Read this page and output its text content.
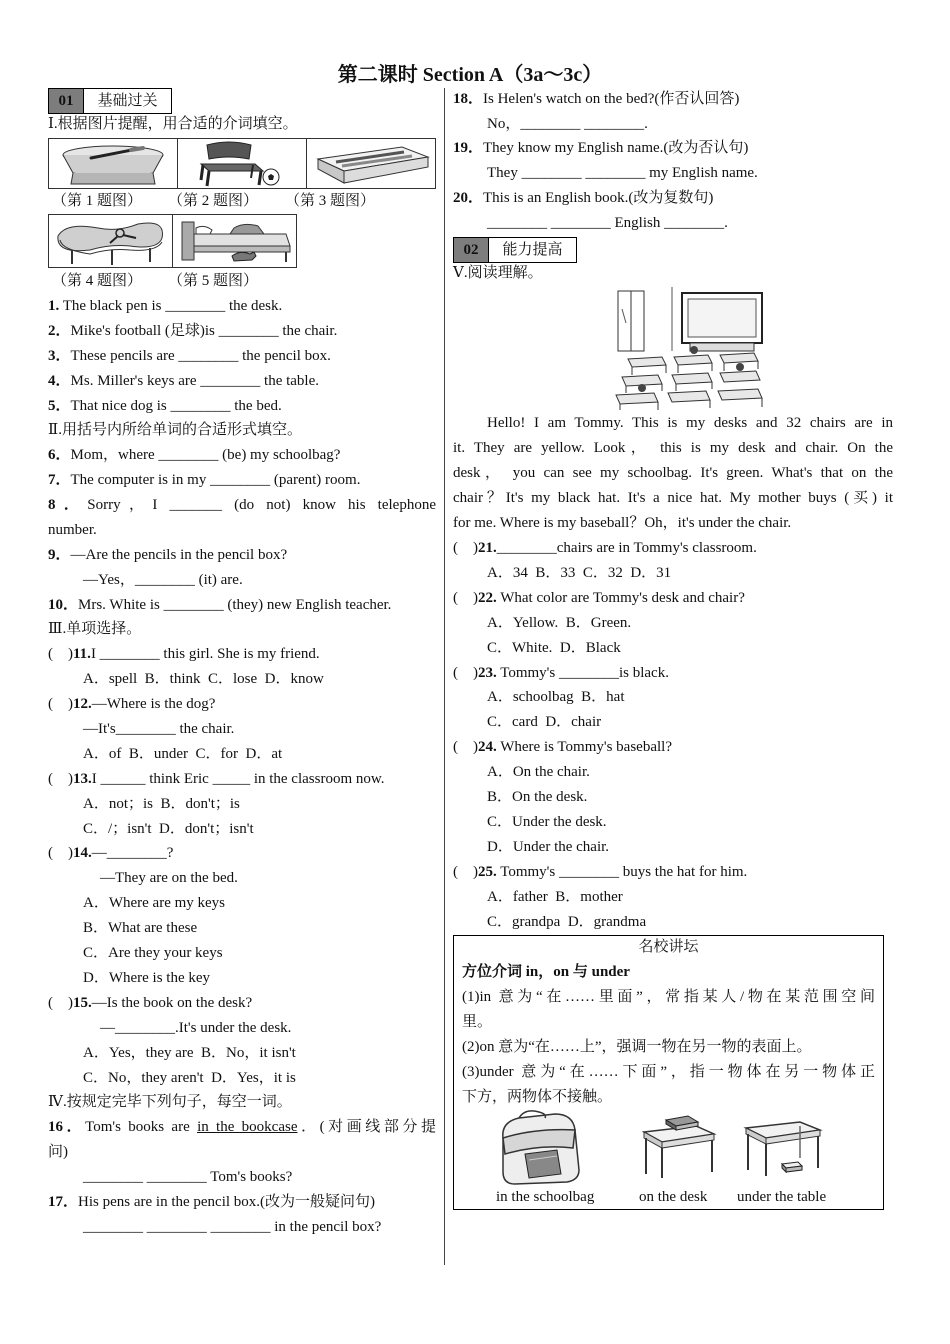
第二课时 Section A（3a～3c）
01	基础过关
Ⅰ.根据图片提醒，用合适的介词填空。
（第 1 题图） （第 2 题图） （第 3 题图）
（第 4 题图） （第 5 题图）
1. The black pen is ________ the desk.
2．Mike's football (足球)is ________ the chair.
3．These pencils are ________ the pencil box.
4．Ms. Miller's keys are ________ the table.
5．That nice dog is ________ the bed.
Ⅱ.用括号内所给单词的合适形式填空。
6．Mom，where ________ (be) my schoolbag?
7．The computer is in my ________ (parent) room.
8．Sorry，I _______ (do not) know his telephone
number.
9．—Are the pencils in the pencil box?
—Yes，________ (it) are.
10．Mrs. White is ________ (they) new English teacher.
Ⅲ.单项选择。
(　)11.I ________ this girl. She is my friend.
A．spell  B．think  C．lose  D．know
(　)12.—Where is the dog?
—It's________ the chair.
A．of  B．under  C．for  D．at
(　)13.I ______ think Eric _____ in the classroom now.
A．not；is  B．don't；is
C．/；isn't  D．don't；isn't
(　)14.—________?
—They are on the bed.
A．Where are my keys
B．What are these
C．Are they your keys
D．Where is the key
(　)15.—Is the book on the desk?
—________.It's under the desk.
A．Yes，they are  B．No，it isn't
C．No，they aren't  D．Yes，it is
Ⅳ.按规定完毕下列句子，每空一词。
16．Tom's books are in the bookcase．(对画线部分提
问)
________ ________ Tom's books?
17．His pens are in the pencil box.(改为一般疑问句)
________ ________ ________ in the pencil box?
18．Is Helen's watch on the bed?(作否认回答)
No，________ ________.
19．They know my English name.(改为否认句)
They ________ ________ my English name.
20．This is an English book.(改为复数句)
________ ________ English ________.
02	能力提高
Ⅴ.阅读理解。
Hello! I am Tommy. This is my desks and 32 chairs are in
it. They are yellow. Look， this is my desk and chair. On the
desk， you can see my schoolbag. It's green. What's that on the
chair？It's my black hat. It's a nice hat. My mother buys (买) it
for me. Where is my baseball？Oh，it's under the chair.
(　)21.________chairs are in Tommy's classroom.
A．34  B．33  C．32  D．31
(　)22. What color are Tommy's desk and chair?
A．Yellow.  B．Green.
C．White.  D．Black
(　)23. Tommy's ________is black.
A．schoolbag  B．hat
C．card  D．chair
(　)24. Where is Tommy's baseball?
A．On the chair.
B．On the desk.
C．Under the desk.
D．Under the chair.
(　)25. Tommy's ________ buys the hat for him.
A．father  B．mother
C．grandpa  D．grandma
名校讲坛
方位介词 in，on 与 under
(1)in 意为“在……里面”，常指某人/物在某范围空间
里。
(2)on 意为“在……上”，强调一物在另一物的表面上。
(3)under 意为“在……下面”，指一物体在另一物体正
下方，两物体不接触。
in the schoolbag	on the desk under the table
